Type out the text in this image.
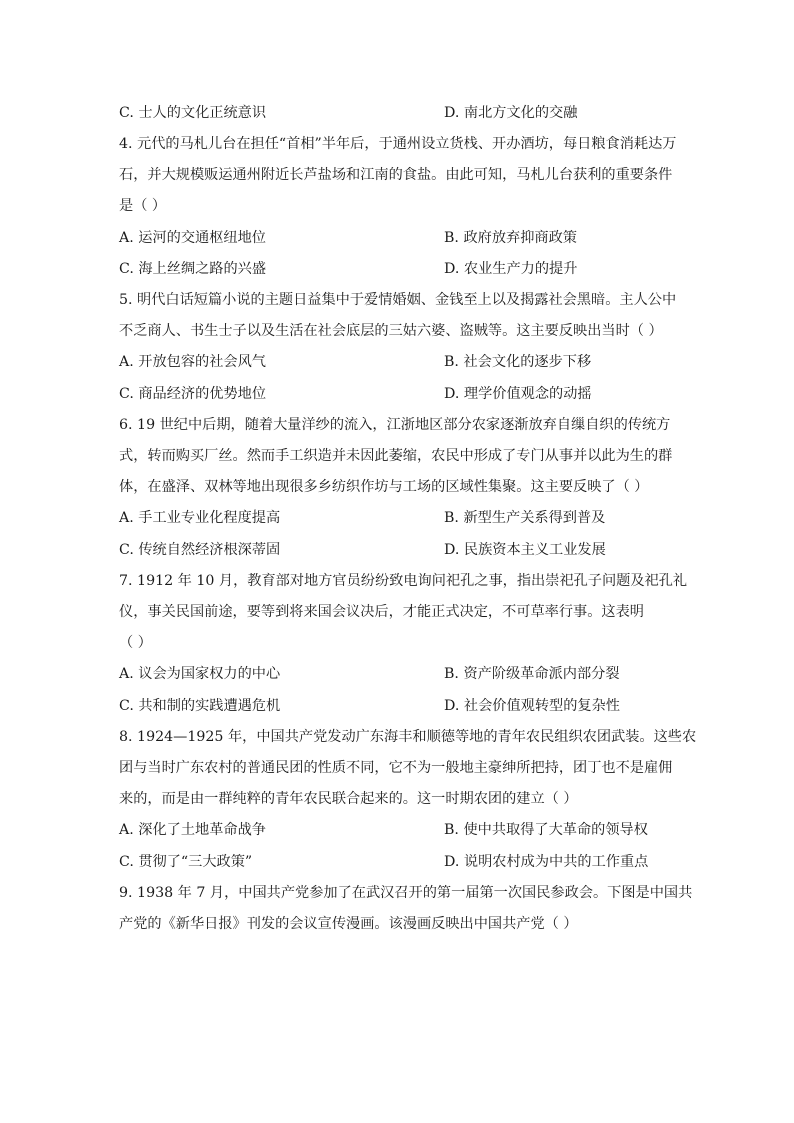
C. 士人的文化正统意识	D. 南北方文化的交融
4. 元代的马札儿台在担任“首相”半年后，于通州设立货栈、开办酒坊，每日粮食消耗达万
石，并大规模贩运通州附近长芦盐场和江南的食盐。由此可知，马札儿台获利的重要条件
是（ ）
A. 运河的交通枢纽地位	B. 政府放弃抑商政策
C. 海上丝绸之路的兴盛	D. 农业生产力的提升
5. 明代白话短篇小说的主题日益集中于爱情婚姻、金钱至上以及揭露社会黑暗。主人公中
不乏商人、书生士子以及生活在社会底层的三姑六婆、盗贼等。这主要反映出当时（ ）
A. 开放包容的社会风气	B. 社会文化的逐步下移
C. 商品经济的优势地位	D. 理学价值观念的动摇
6. 19 世纪中后期，随着大量洋纱的流入，江浙地区部分农家逐渐放弃自缫自织的传统方
式，转而购买厂丝。然而手工织造并未因此萎缩，农民中形成了专门从事并以此为生的群
体，在盛泽、双林等地出现很多乡纺织作坊与工场的区域性集聚。这主要反映了（ ）
A. 手工业专业化程度提高	B. 新型生产关系得到普及
C. 传统自然经济根深蒂固	D. 民族资本主义工业发展
7. 1912 年 10 月，教育部对地方官员纷纷致电询问祀孔之事，指出崇祀孔子问题及祀孔礼
仪，事关民国前途，要等到将来国会议决后，才能正式决定，不可草率行事。这表明
（ ）
A. 议会为国家权力的中心	B. 资产阶级革命派内部分裂
C. 共和制的实践遭遇危机	D. 社会价值观转型的复杂性
8. 1924—1925 年，中国共产党发动广东海丰和顺德等地的青年农民组织农团武装。这些农
团与当时广东农村的普通民团的性质不同，它不为一般地主豪绅所把持，团丁也不是雇佣
来的，而是由一群纯粹的青年农民联合起来的。这一时期农团的建立（ ）
A. 深化了土地革命战争	B. 使中共取得了大革命的领导权
C. 贯彻了“三大政策”	D. 说明农村成为中共的工作重点
9. 1938 年 7 月，中国共产党参加了在武汉召开的第一届第一次国民参政会。下图是中国共
产党的《新华日报》刊发的会议宣传漫画。该漫画反映出中国共产党（ ）
